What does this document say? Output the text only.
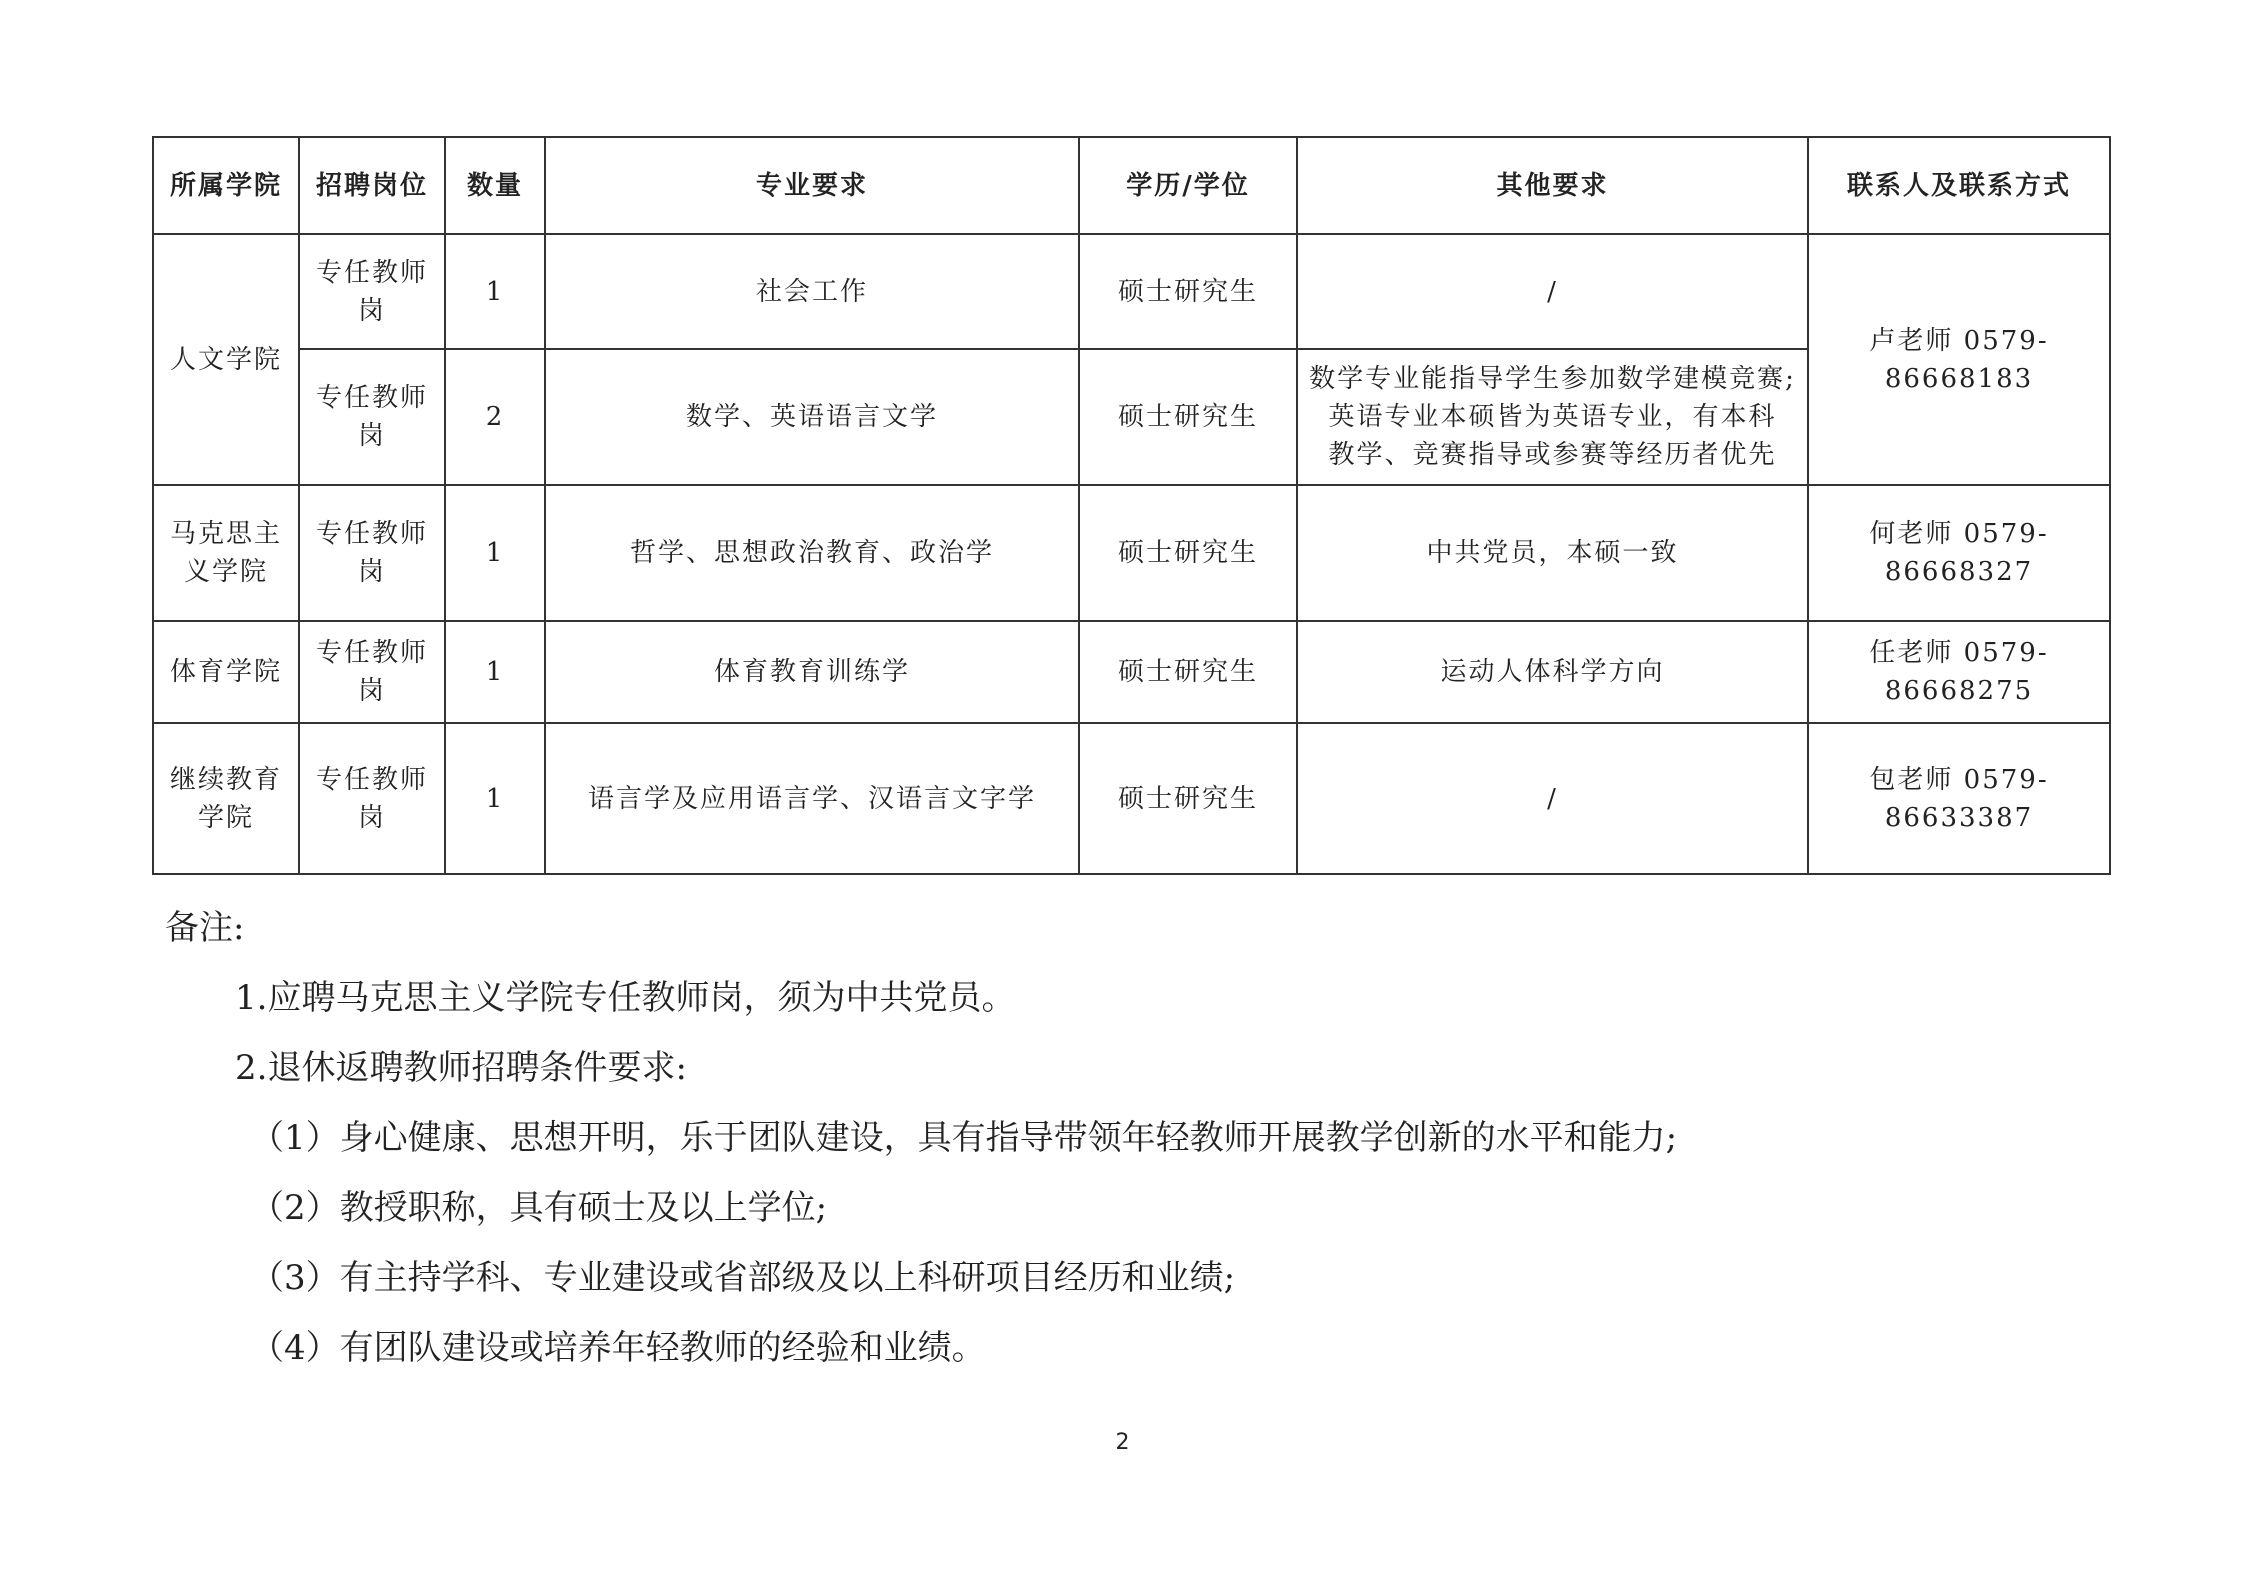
所属学院	招聘岗位	数量	专业要求	学历/学位	其他要求	联系人及联系方式
人文学院	专任教师岗	1	社会工作	硕士研究生	/	卢老师 0579-86668183
	专任教师岗	2	数学、英语语言文学	硕士研究生	数学专业能指导学生参加数学建模竞赛;
英语专业本硕皆为英语专业，有本科
教学、竞赛指导或参赛等经历者优先	

马克思主义学院	专任教师岗	1	哲学、思想政治教育、政治学	硕士研究生	中共党员，本硕一致	何老师 0579-86668327
体育学院	专任教师岗	1	体育教育训练学	硕士研究生	运动人体科学方向	任老师 0579-86668275
继续教育学院	专任教师岗	1	语言学及应用语言学、汉语言文字学	硕士研究生	/	包老师 0579-86633387
备注:
1.应聘马克思主义学院专任教师岗，须为中共党员。
2.退休返聘教师招聘条件要求:
（1）身心健康、思想开明，乐于团队建设，具有指导带领年轻教师开展教学创新的水平和能力;
（2）教授职称，具有硕士及以上学位;
（3）有主持学科、专业建设或省部级及以上科研项目经历和业绩;
（4）有团队建设或培养年轻教师的经验和业绩。
2
